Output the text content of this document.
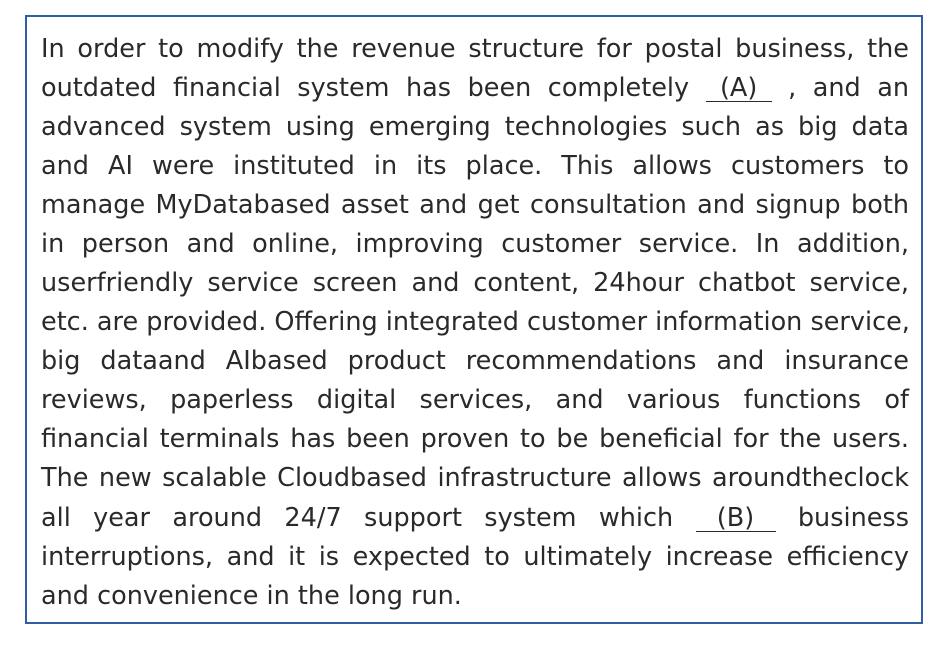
In order to modify the revenue structure for postal business, the
outdated financial system has been completely (A) , and an
advanced system using emerging technologies such as big data
and AI were instituted in its place. This allows customers to
manage MyDatabased asset and get consultation and signup both
in person and online, improving customer service. In addition,
userfriendly service screen and content, 24hour chatbot service,
etc. are provided. Offering integrated customer information service,
big dataand AIbased product recommendations and insurance
reviews, paperless digital services, and various functions of
financial terminals has been proven to be beneficial for the users.
The new scalable Cloudbased infrastructure allows aroundtheclock
all year around 24/7 support system which (B) business
interruptions, and it is expected to ultimately increase efficiency
and convenience in the long run.
